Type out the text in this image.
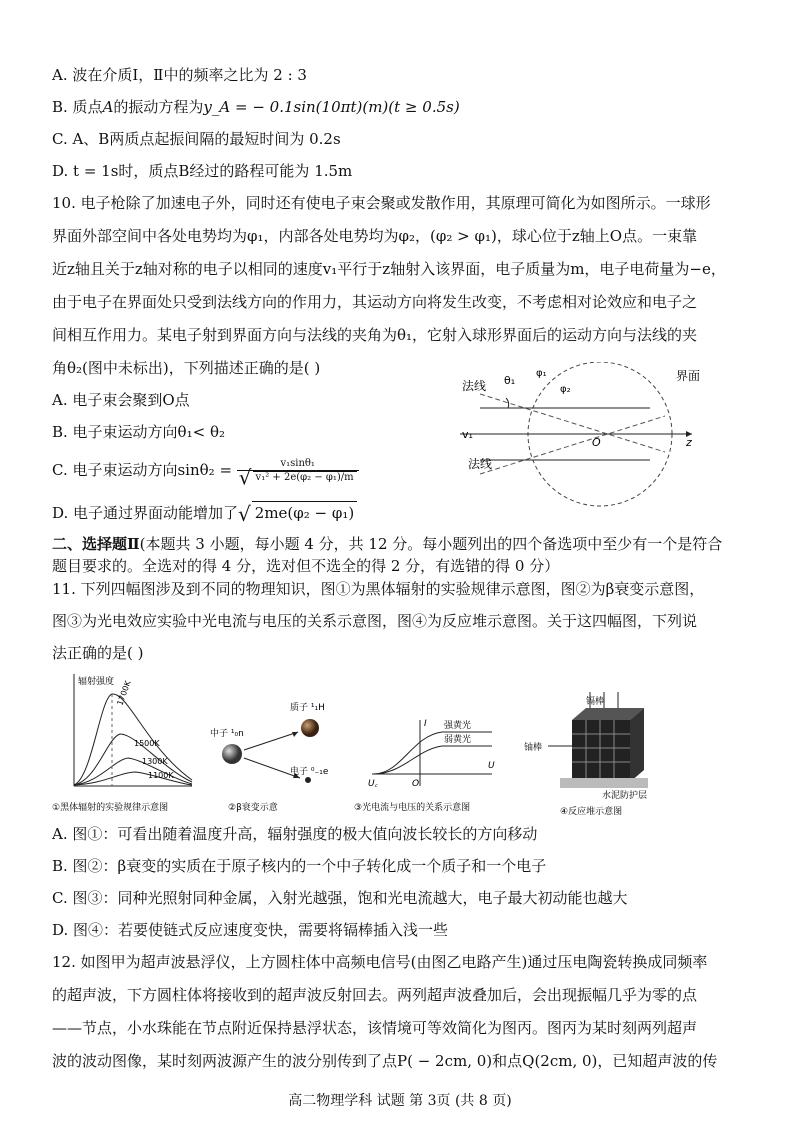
A. 波在介质Ⅰ，Ⅱ中的频率之比为 2 : 3
B. 质点A的振动方程为y_A = − 0.1sin(10πt)(m)(t ≥ 0.5s)
C. A、B两质点起振间隔的最短时间为 0.2s
D. t = 1s时，质点B经过的路程可能为 1.5m
10. 电子枪除了加速电子外，同时还有使电子束会聚或发散作用，其原理可简化为如图所示。一球形
界面外部空间中各处电势均为φ₁，内部各处电势均为φ₂，(φ₂ > φ₁)，球心位于z轴上O点。一束靠
近z轴且关于z轴对称的电子以相同的速度v₁平行于z轴射入该界面，电子质量为m，电子电荷量为−e，
由于电子在界面处只受到法线方向的作用力，其运动方向将发生改变，不考虑相对论效应和电子之
间相互作用力。某电子射到界面方向与法线的夹角为θ₁，它射入球形界面后的运动方向与法线的夹
角θ₂(图中未标出)，下列描述正确的是( )
A. 电子束会聚到O点
B. 电子束运动方向θ₁< θ₂
C. 电子束运动方向$\sin\theta_2 = \frac{\text{v₁sinθ₁}}{\text{√ v₁² + 2e(φ₂ − φ₁)/m}}$
D. 电子通过界面动能增加了√ 2me(φ₂ − φ₁)
法线
法线
θ₁
φ₁
φ₂
界面
v₁
O	z
二、选择题Ⅱ(本题共 3 小题，每小题 4 分，共 12 分。每小题列出的四个备选项中至少有一个是符合
题目要求的。全选对的得 4 分，选对但不选全的得 2 分，有选错的得 0 分）
11. 下列四幅图涉及到不同的物理知识，图①为黑体辐射的实验规律示意图，图②为β衰变示意图，
图③为光电效应实验中光电流与电压的关系示意图，图④为反应堆示意图。关于这四幅图，下列说
法正确的是( )
辐射强度 1700K
1500K
1300K
1100K
①黑体辐射的实验规律示意图
中子 ¹₀n
质子 ¹₁H
电子 ⁰₋₁e
②β衰变示意
I 强黄光
弱黄光
U꜀	O
U
③光电流与电压的关系示意图
镉棒
铀棒
水泥防护层
④反应堆示意图
A. 图①：可看出随着温度升高，辐射强度的极大值向波长较长的方向移动
B. 图②：β衰变的实质在于原子核内的一个中子转化成一个质子和一个电子
C. 图③：同种光照射同种金属，入射光越强，饱和光电流越大，电子最大初动能也越大
D. 图④：若要使链式反应速度变快，需要将镉棒插入浅一些
12. 如图甲为超声波悬浮仪，上方圆柱体中高频电信号(由图乙电路产生)通过压电陶瓷转换成同频率
的超声波，下方圆柱体将接收到的超声波反射回去。两列超声波叠加后，会出现振幅几乎为零的点
——节点，小水珠能在节点附近保持悬浮状态，该情境可等效简化为图丙。图丙为某时刻两列超声
波的波动图像，某时刻两波源产生的波分别传到了点P( − 2cm, 0)和点Q(2cm, 0)，已知超声波的传
高二物理学科 试题 第 3页 (共 8 页)
